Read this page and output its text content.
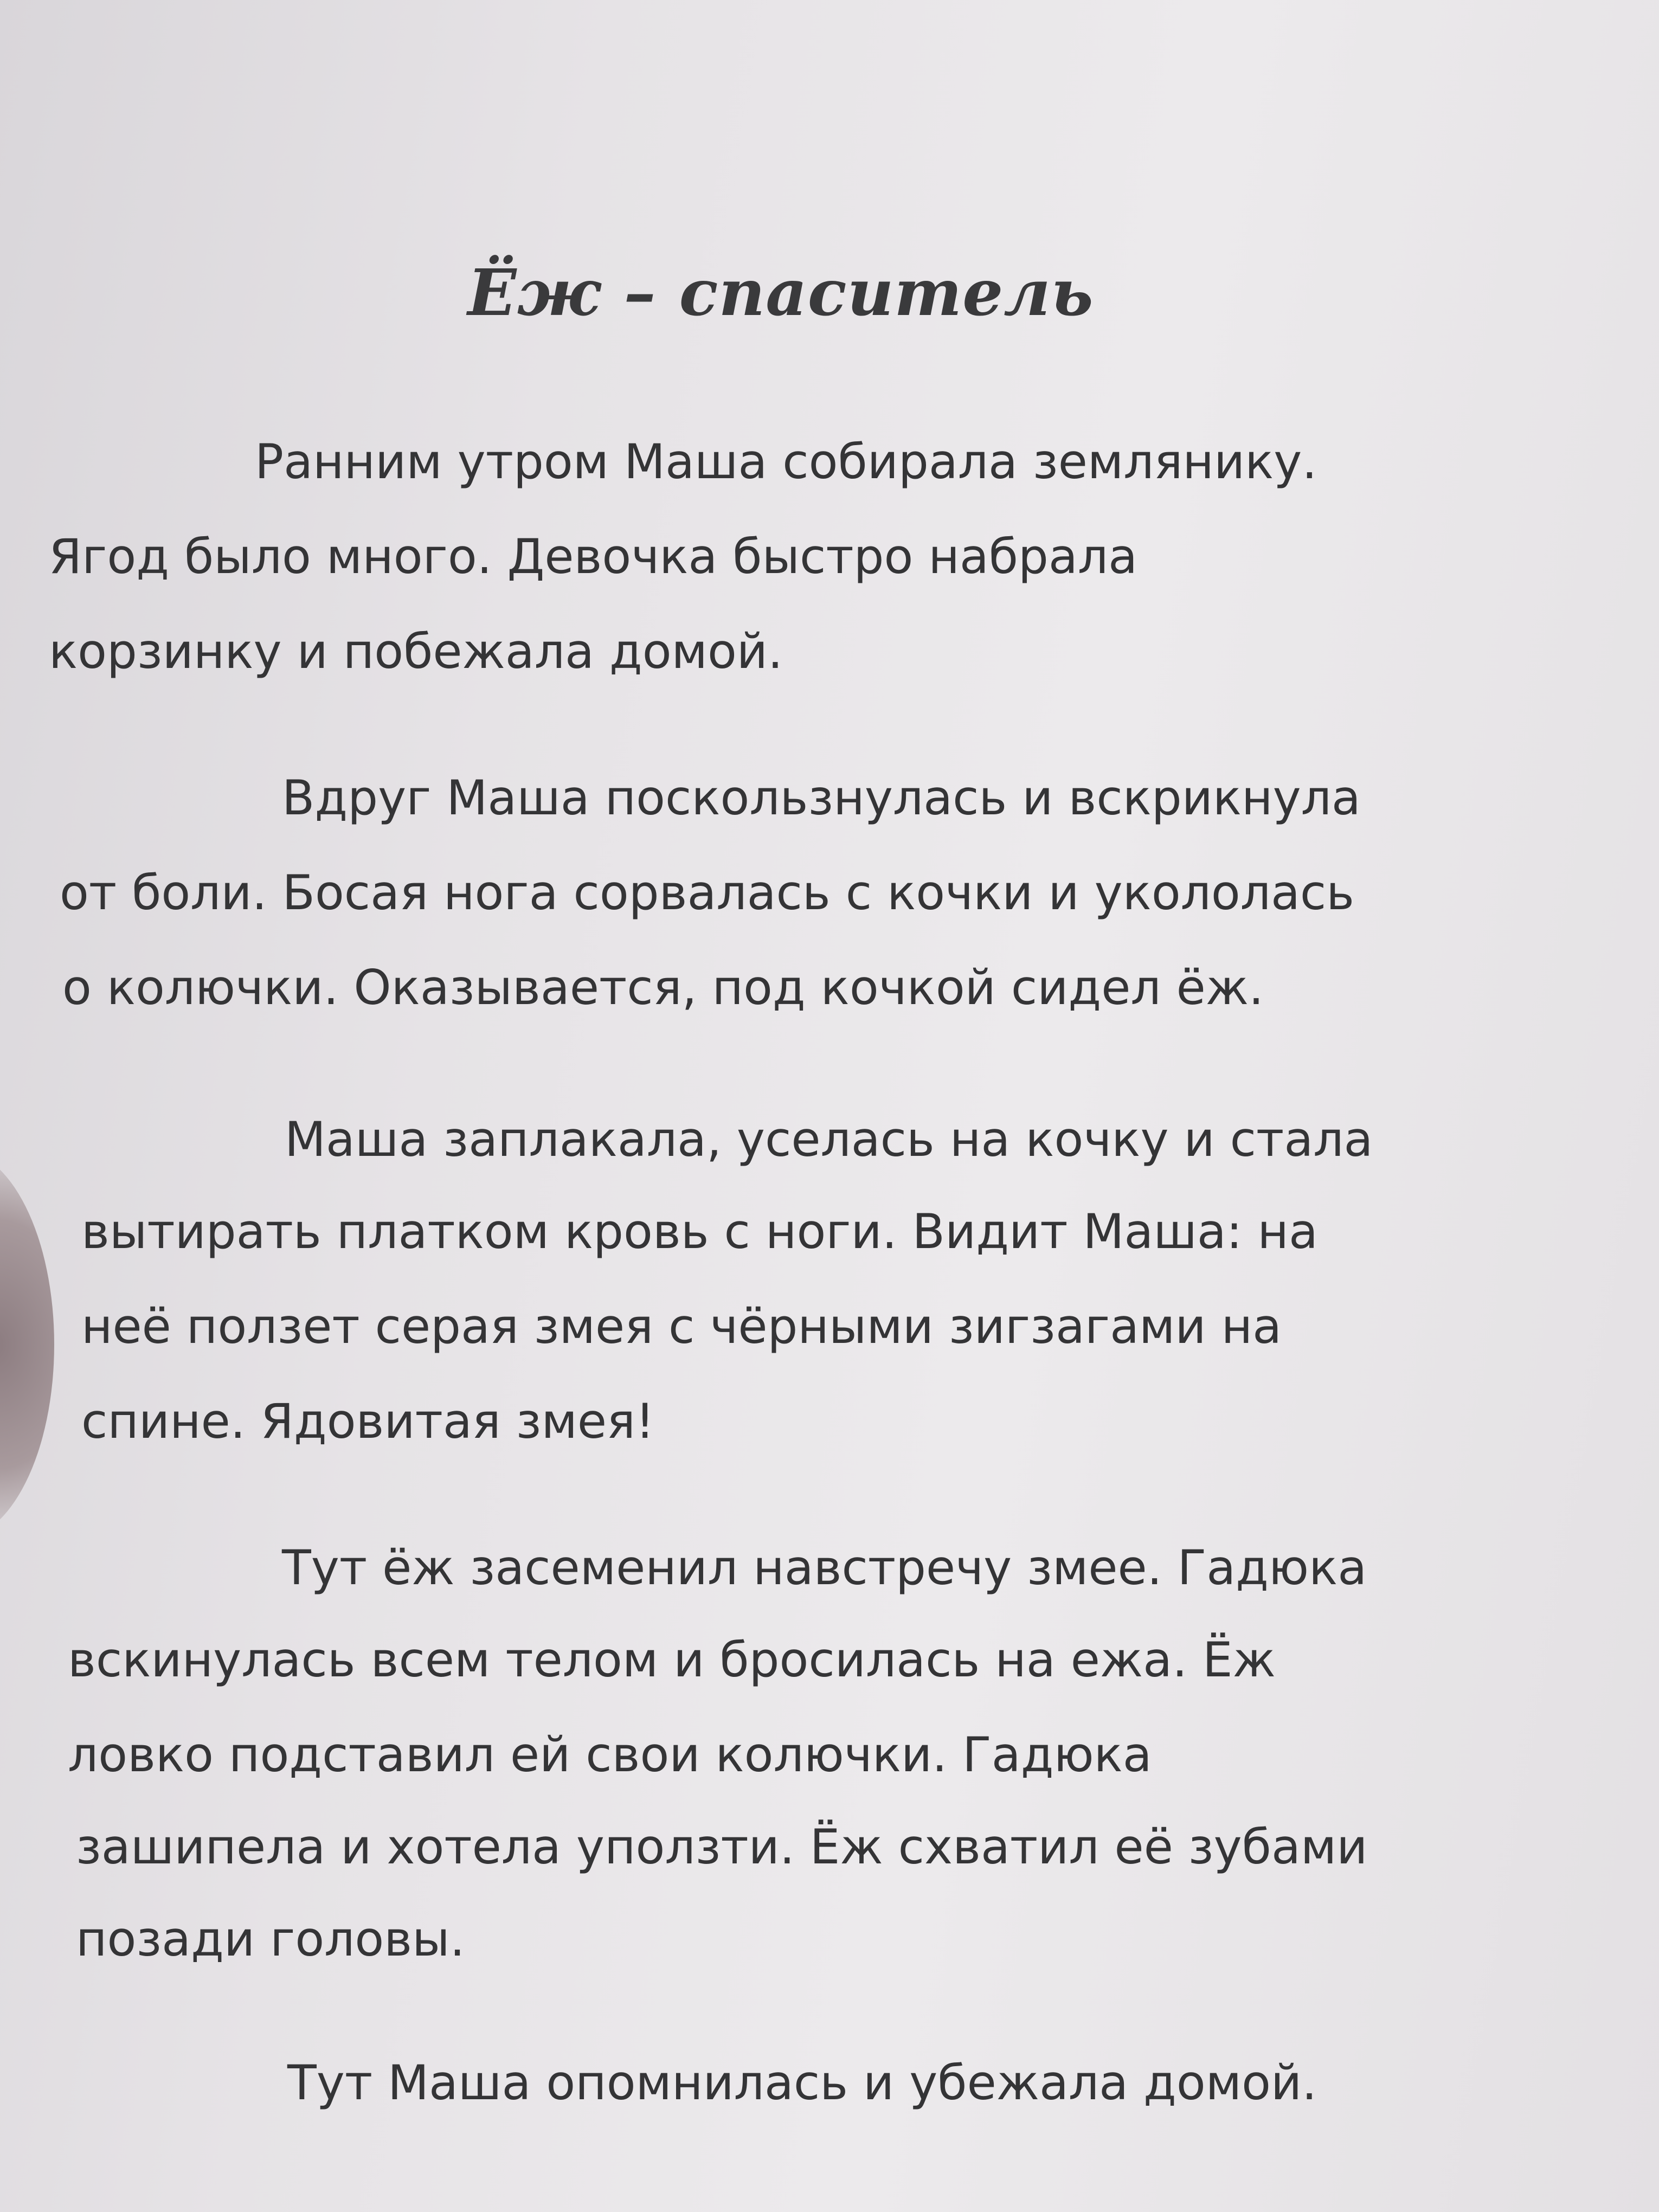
Ёж – спаситель
Ранним утром Маша собирала землянику.
Ягод было много. Девочка быстро набрала
корзинку и побежала домой.
Вдруг Маша поскользнулась и вскрикнула
от боли. Босая нога сорвалась с кочки и укололась
о колючки. Оказывается, под кочкой сидел ёж.
Маша заплакала, уселась на кочку и стала
вытирать платком кровь с ноги. Видит Маша: на
неё ползет серая змея с чёрными зигзагами на
спине. Ядовитая змея!
Тут ёж засеменил навстречу змее. Гадюка
вскинулась всем телом и бросилась на ежа. Ёж
ловко подставил ей свои колючки. Гадюка
зашипела и хотела уползти. Ёж схватил её зубами
позади головы.
Тут Маша опомнилась и убежала домой.
